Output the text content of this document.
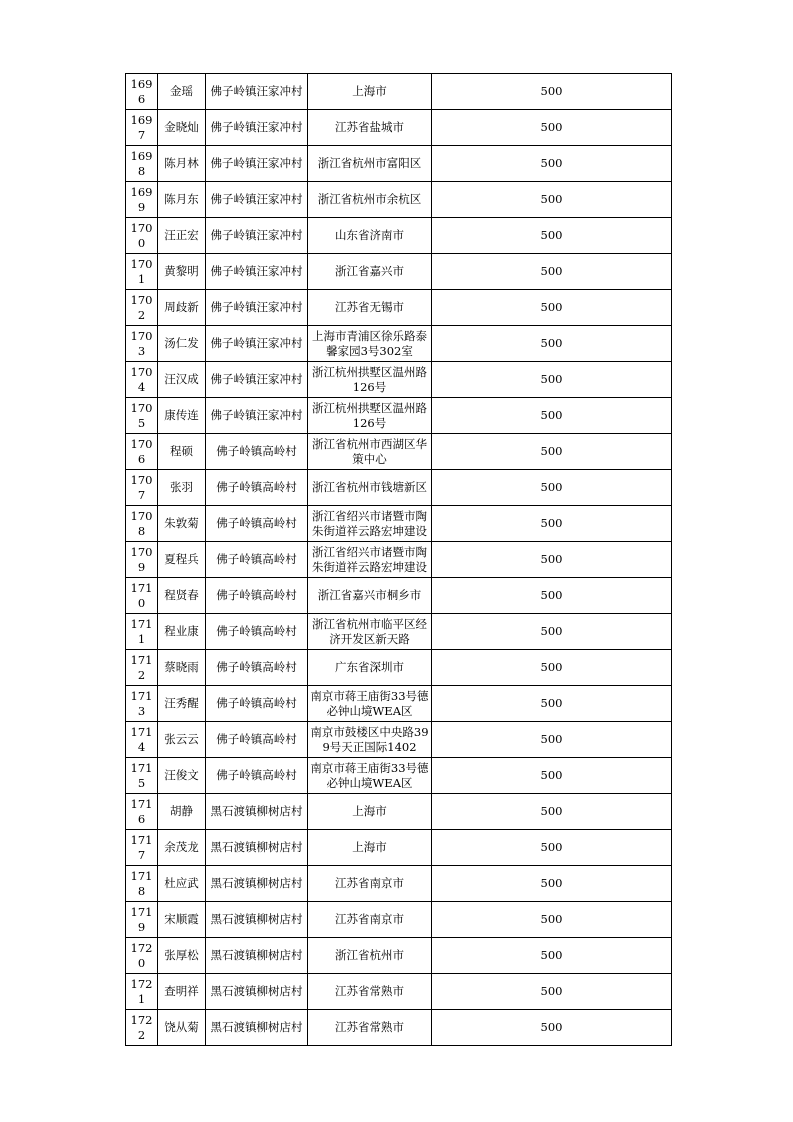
1696	金瑶	佛子岭镇汪家冲村	上海市	500
1697	金晓灿	佛子岭镇汪家冲村	江苏省盐城市	500
1698	陈月林	佛子岭镇汪家冲村	浙江省杭州市富阳区	500
1699	陈月东	佛子岭镇汪家冲村	浙江省杭州市余杭区	500
1700	汪正宏	佛子岭镇汪家冲村	山东省济南市	500
1701	黄黎明	佛子岭镇汪家冲村	浙江省嘉兴市	500
1702	周歧新	佛子岭镇汪家冲村	江苏省无锡市	500
1703	汤仁发	佛子岭镇汪家冲村	上海市青浦区徐乐路泰馨家园3号302室	500
1704	汪汉成	佛子岭镇汪家冲村	浙江杭州拱墅区温州路126号	500
1705	康传连	佛子岭镇汪家冲村	浙江杭州拱墅区温州路126号	500
1706	程硕	佛子岭镇高岭村	浙江省杭州市西湖区华策中心	500
1707	张羽	佛子岭镇高岭村	浙江省杭州市钱塘新区	500
1708	朱敦菊	佛子岭镇高岭村	浙江省绍兴市诸暨市陶朱街道祥云路宏坤建设	500
1709	夏程兵	佛子岭镇高岭村	浙江省绍兴市诸暨市陶朱街道祥云路宏坤建设	500
1710	程贤春	佛子岭镇高岭村	浙江省嘉兴市桐乡市	500
1711	程业康	佛子岭镇高岭村	浙江省杭州市临平区经济开发区新天路	500
1712	蔡晓雨	佛子岭镇高岭村	广东省深圳市	500
1713	汪秀醒	佛子岭镇高岭村	南京市蒋王庙街33号德必钟山境WEA区	500
1714	张云云	佛子岭镇高岭村	南京市鼓楼区中央路399号天正国际1402	500
1715	汪俊文	佛子岭镇高岭村	南京市蒋王庙街33号德必钟山境WEA区	500
1716	胡静	黑石渡镇柳树店村	上海市	500
1717	余茂龙	黑石渡镇柳树店村	上海市	500
1718	杜应武	黑石渡镇柳树店村	江苏省南京市	500
1719	宋顺霞	黑石渡镇柳树店村	江苏省南京市	500
1720	张厚松	黑石渡镇柳树店村	浙江省杭州市	500
1721	查明祥	黑石渡镇柳树店村	江苏省常熟市	500
1722	饶从菊	黑石渡镇柳树店村	江苏省常熟市	500
